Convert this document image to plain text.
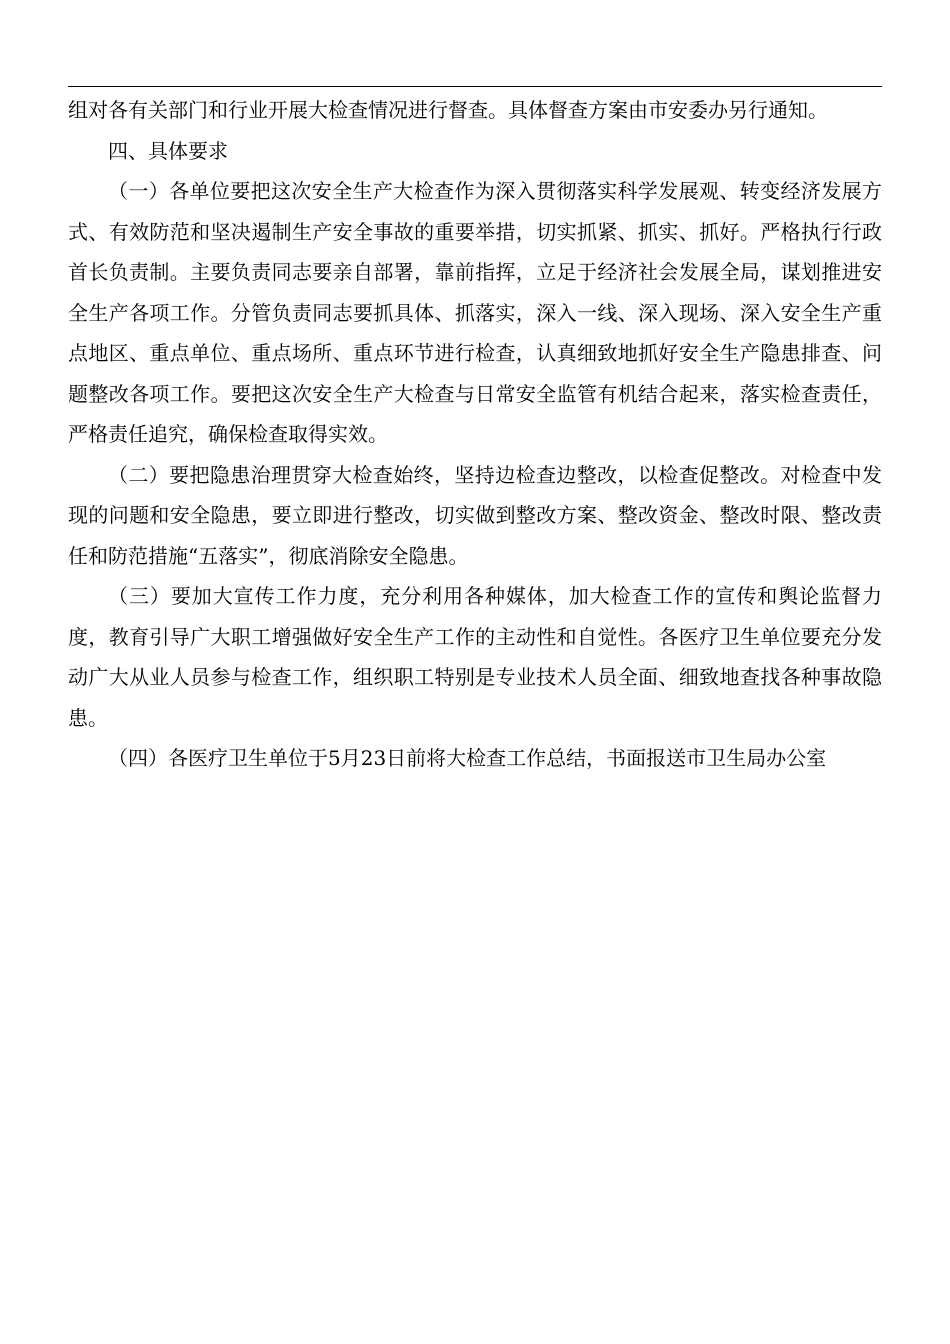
组对各有关部门和行业开展大检查情况进行督查。具体督查方案由市安委办另行通知。

四、具体要求

（一）各单位要把这次安全生产大检查作为深入贯彻落实科学发展观、转变经济发展方式、有效防范和坚决遏制生产安全事故的重要举措，切实抓紧、抓实、抓好。严格执行行政首长负责制。主要负责同志要亲自部署，靠前指挥，立足于经济社会发展全局，谋划推进安全生产各项工作。分管负责同志要抓具体、抓落实，深入一线、深入现场、深入安全生产重点地区、重点单位、重点场所、重点环节进行检查，认真细致地抓好安全生产隐患排查、问题整改各项工作。要把这次安全生产大检查与日常安全监管有机结合起来，落实检查责任，严格责任追究，确保检查取得实效。

（二）要把隐患治理贯穿大检查始终，坚持边检查边整改，以检查促整改。对检查中发现的问题和安全隐患，要立即进行整改，切实做到整改方案、整改资金、整改时限、整改责任和防范措施“五落实”，彻底消除安全隐患。

（三）要加大宣传工作力度，充分利用各种媒体，加大检查工作的宣传和舆论监督力度，教育引导广大职工增强做好安全生产工作的主动性和自觉性。各医疗卫生单位要充分发动广大从业人员参与检查工作，组织职工特别是专业技术人员全面、细致地查找各种事故隐患。

（四）各医疗卫生单位于5月23日前将大检查工作总结，书面报送市卫生局办公室
